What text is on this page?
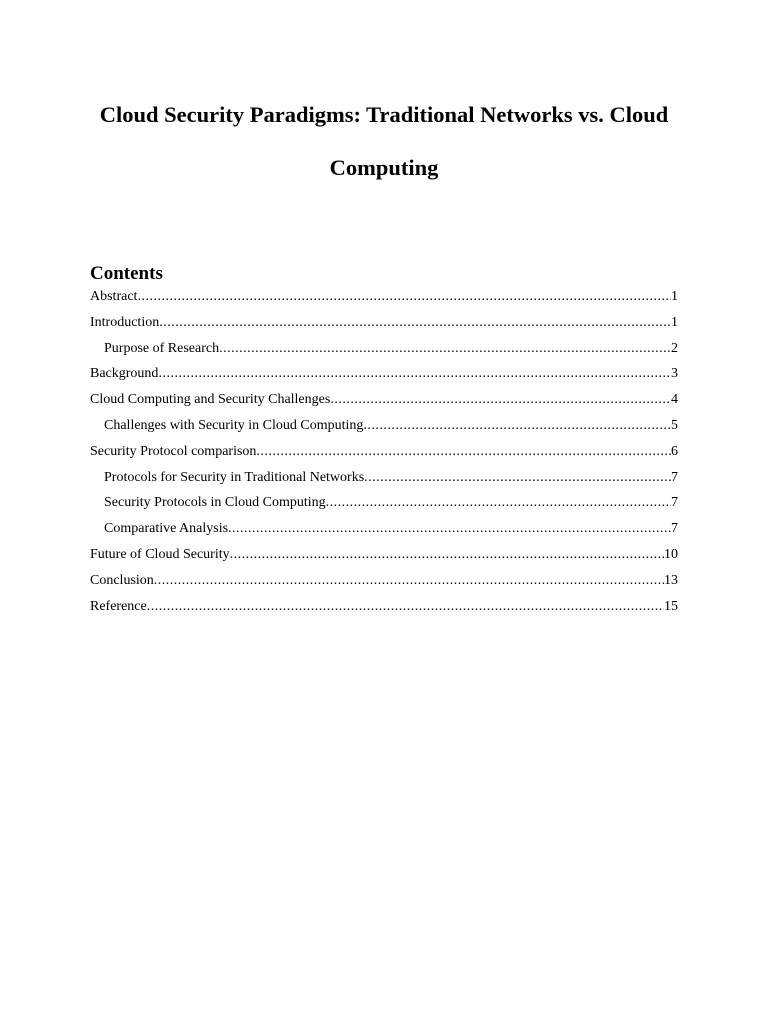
Cloud Security Paradigms: Traditional Networks vs. Cloud Computing
Contents
Abstract .....	1
Introduction .....	1
Purpose of Research .....	2
Background .....	3
Cloud Computing and Security Challenges .....	4
Challenges with Security in Cloud Computing .....	5
Security Protocol comparison .....	6
Protocols for Security in Traditional Networks .....	7
Security Protocols in Cloud Computing .....	7
Comparative Analysis .....	7
Future of Cloud Security .....	10
Conclusion .....	13
Reference .....	15
